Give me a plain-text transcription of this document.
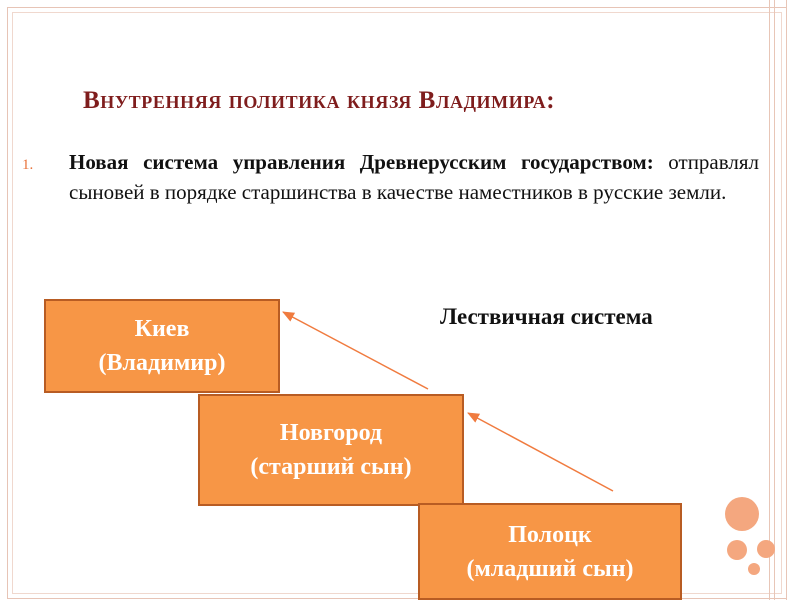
Внутренняя политика князя Владимира:
1. Новая система управления Древнерусским государством: отправлял сыновей в порядке старшинства в качестве наместников в русские земли.
Лествичная система
Киев
(Владимир)
Новгород
(старший сын)
Полоцк
(младший сын)
